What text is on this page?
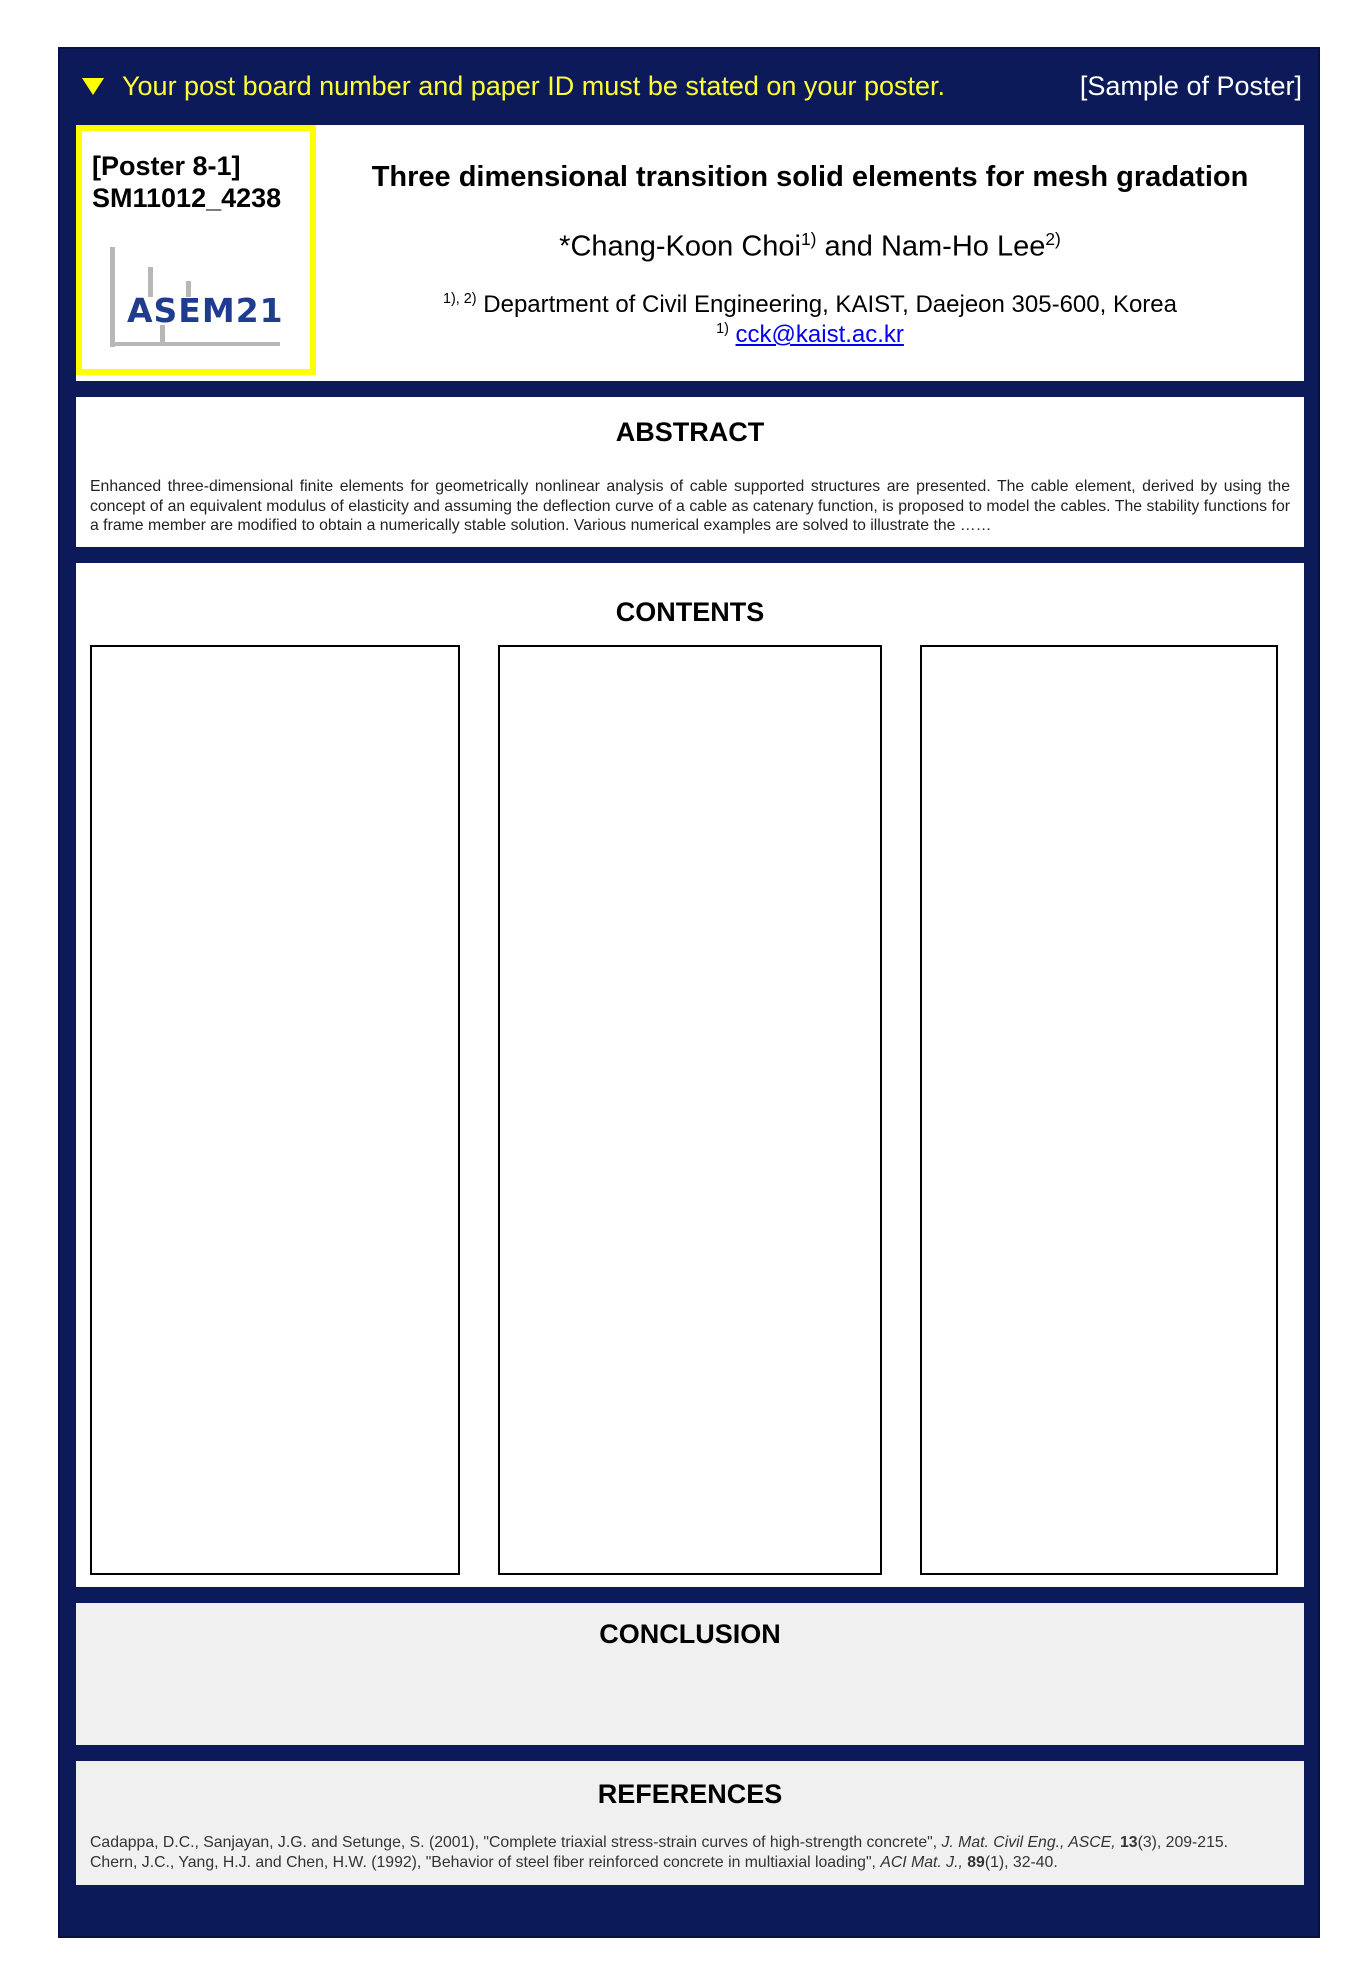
Your post board number and paper ID must be stated on your poster.	[Sample of Poster]
[Poster 8-1]
SM11012_4238
ASEM21
Three dimensional transition solid elements for mesh gradation
*Chang-Koon Choi$^{1)}$ and Nam-Ho Lee$^{2)}$
$^{1), 2)}$ Department of Civil Engineering, KAIST, Daejeon 305-600, Korea
$^{1)}$ cck@kaist.ac.kr
ABSTRACT
Enhanced three-dimensional finite elements for geometrically nonlinear analysis of cable supported structures are presented. The cable element, derived by using the concept of an equivalent modulus of elasticity and assuming the deflection curve of a cable as catenary function, is proposed to model the cables. The stability functions for a frame member are modified to obtain a numerically stable solution. Various numerical examples are solved to illustrate the ……
CONTENTS
CONCLUSION
REFERENCES
Cadappa, D.C., Sanjayan, J.G. and Setunge, S. (2001), "Complete triaxial stress-strain curves of high-strength concrete", J. Mat. Civil Eng., ASCE, 13(3), 209-215.
Chern, J.C., Yang, H.J. and Chen, H.W. (1992), "Behavior of steel fiber reinforced concrete in multiaxial loading", ACI Mat. J., 89(1), 32-40.
